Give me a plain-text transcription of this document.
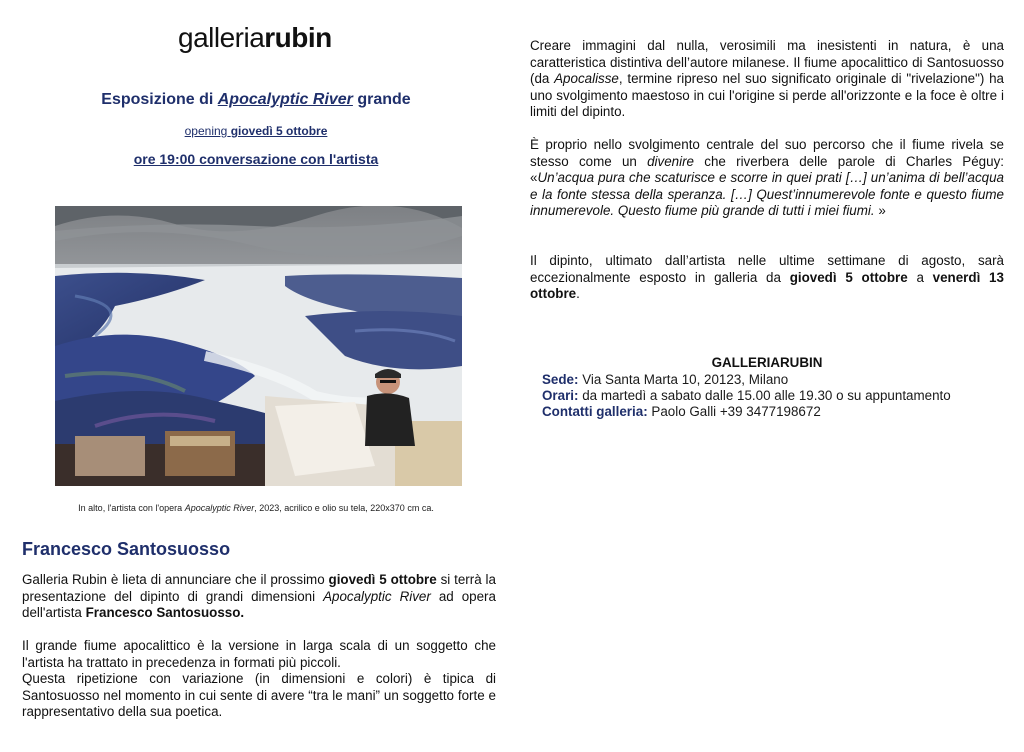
galleriarubin
Esposizione di Apocalyptic River grande
opening giovedì 5 ottobre
ore 19:00 conversazione con l'artista
In alto, l'artista con l'opera Apocalyptic River, 2023, acrilico e olio su tela, 220x370 cm ca.
Francesco Santosuosso
Galleria Rubin è lieta di annunciare che il prossimo giovedì 5 ottobre si terrà la presentazione del dipinto di grandi dimensioni Apocalyptic River ad opera dell'artista Francesco Santosuosso.
Il grande fiume apocalittico è la versione in larga scala di un soggetto che l'artista ha trattato in precedenza in formati più piccoli.
Questa ripetizione con variazione (in dimensioni e colori) è tipica di Santosuosso nel momento in cui sente di avere “tra le mani” un soggetto forte e rappresentativo della sua poetica.
Creare immagini dal nulla, verosimili ma inesistenti in natura, è una caratteristica distintiva dell’autore milanese. Il fiume apocalittico di Santosuosso (da Apocalisse, termine ripreso nel suo significato originale di "rivelazione") ha uno svolgimento maestoso in cui l'origine si perde all'orizzonte e la foce è oltre i limiti del dipinto.
È proprio nello svolgimento centrale del suo percorso che il fiume rivela se stesso come un divenire che riverbera delle parole di Charles Péguy: «Un’acqua pura che scaturisce e scorre in quei prati […] un’anima di bell’acqua e la fonte stessa della speranza. […] Quest’innumerevole fonte e questo fiume innumerevole. Questo fiume più grande di tutti i miei fiumi. »
Il dipinto, ultimato dall’artista nelle ultime settimane di agosto, sarà eccezionalmente esposto in galleria da giovedì 5 ottobre a venerdì 13 ottobre.
GALLERIARUBIN
Sede: Via Santa Marta 10, 20123, Milano
Orari: da martedì a sabato dalle 15.00 alle 19.30 o su appuntamento
Contatti galleria: Paolo Galli +39 3477198672
